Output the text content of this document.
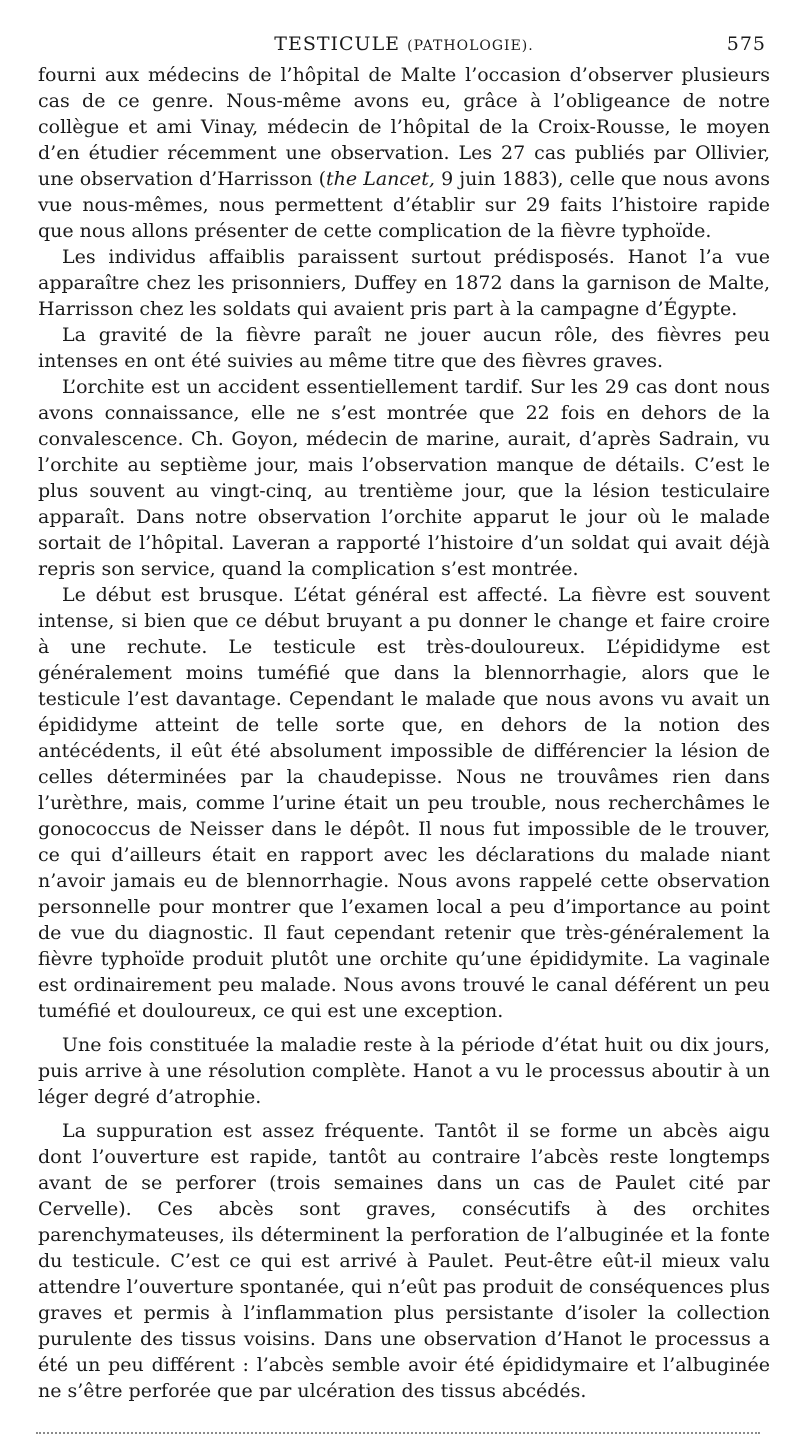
TESTICULE (PATHOLOGIE).	575

fourni aux médecins de l’hôpital de Malte l’occasion d’observer plusieurs cas de ce genre. Nous-même avons eu, grâce à l’obligeance de notre collègue et ami Vinay, médecin de l’hôpital de la Croix-Rousse, le moyen d’en étudier récemment une observation. Les 27 cas publiés par Ollivier, une observation d’Harrisson (the Lancet, 9 juin 1883), celle que nous avons vue nous-mêmes, nous permettent d’établir sur 29 faits l’histoire rapide que nous allons présenter de cette complication de la fièvre typhoïde.

Les individus affaiblis paraissent surtout prédisposés. Hanot l’a vue apparaître chez les prisonniers, Duffey en 1872 dans la garnison de Malte, Harrisson chez les soldats qui avaient pris part à la campagne d’Égypte.

La gravité de la fièvre paraît ne jouer aucun rôle, des fièvres peu intenses en ont été suivies au même titre que des fièvres graves.

L’orchite est un accident essentiellement tardif. Sur les 29 cas dont nous avons connaissance, elle ne s’est montrée que 22 fois en dehors de la convalescence. Ch. Goyon, médecin de marine, aurait, d’après Sadrain, vu l’orchite au septième jour, mais l’observation manque de détails. C’est le plus souvent au vingt-cinq, au trentième jour, que la lésion testiculaire apparaît. Dans notre observation l’orchite apparut le jour où le malade sortait de l’hôpital. Laveran a rapporté l’histoire d’un soldat qui avait déjà repris son service, quand la complication s’est montrée.

Le début est brusque. L’état général est affecté. La fièvre est souvent intense, si bien que ce début bruyant a pu donner le change et faire croire à une rechute. Le testicule est très-douloureux. L’épididyme est généralement moins tuméfié que dans la blennorrhagie, alors que le testicule l’est davantage. Cependant le malade que nous avons vu avait un épididyme atteint de telle sorte que, en dehors de la notion des antécédents, il eût été absolument impossible de différencier la lésion de celles déterminées par la chaudepisse. Nous ne trouvâmes rien dans l’urèthre, mais, comme l’urine était un peu trouble, nous recherchâmes le gonococcus de Neisser dans le dépôt. Il nous fut impossible de le trouver, ce qui d’ailleurs était en rapport avec les déclarations du malade niant n’avoir jamais eu de blennorrhagie. Nous avons rappelé cette observation personnelle pour montrer que l’examen local a peu d’importance au point de vue du diagnostic. Il faut cependant retenir que très-généralement la fièvre typhoïde produit plutôt une orchite qu’une épididymite. La vaginale est ordinairement peu malade. Nous avons trouvé le canal déférent un peu tuméfié et douloureux, ce qui est une exception.

Une fois constituée la maladie reste à la période d’état huit ou dix jours, puis arrive à une résolution complète. Hanot a vu le processus aboutir à un léger degré d’atrophie.

La suppuration est assez fréquente. Tantôt il se forme un abcès aigu dont l’ouverture est rapide, tantôt au contraire l’abcès reste longtemps avant de se perforer (trois semaines dans un cas de Paulet cité par Cervelle). Ces abcès sont graves, consécutifs à des orchites parenchymateuses, ils déterminent la perforation de l’albuginée et la fonte du testicule. C’est ce qui est arrivé à Paulet. Peut-être eût-il mieux valu attendre l’ouverture spontanée, qui n’eût pas produit de conséquences plus graves et permis à l’inflammation plus persistante d’isoler la collection purulente des tissus voisins. Dans une observation d’Hanot le processus a été un peu différent : l’abcès semble avoir été épididymaire et l’albuginée ne s’être perforée que par ulcération des tissus abcédés.
